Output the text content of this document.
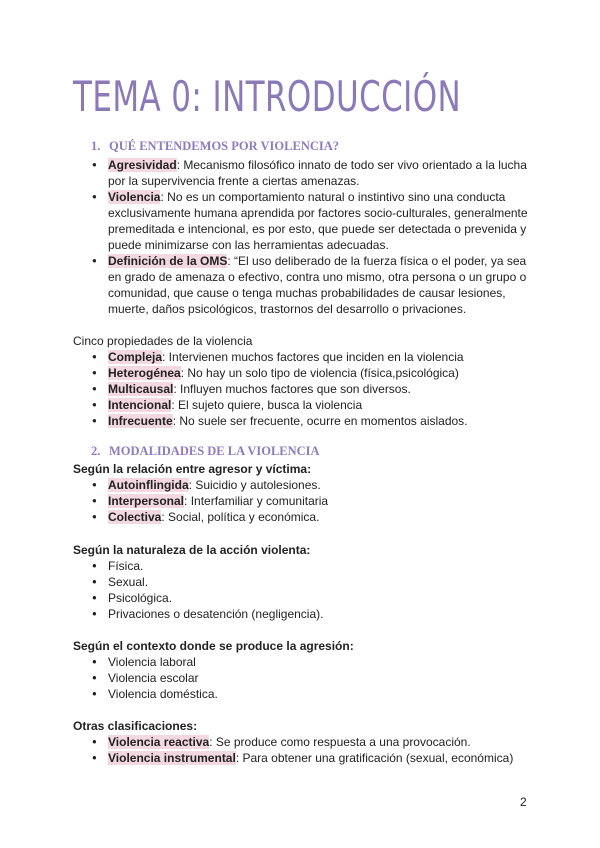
TEMA 0: INTRODUCCIÓN
1. QUÉ ENTENDEMOS POR VIOLENCIA?
● Agresividad: Mecanismo filosófico innato de todo ser vivo orientado a la lucha por la supervivencia frente a ciertas amenazas.
● Violencia: No es un comportamiento natural o instintivo sino una conducta exclusivamente humana aprendida por factores socio-culturales, generalmente premeditada e intencional, es por esto, que puede ser detectada o prevenida y puede minimizarse con las herramientas adecuadas.
● Definición de la OMS: “El uso deliberado de la fuerza física o el poder, ya sea en grado de amenaza o efectivo, contra uno mismo, otra persona o un grupo o comunidad, que cause o tenga muchas probabilidades de causar lesiones, muerte, daños psicológicos, trastornos del desarrollo o privaciones.

Cinco propiedades de la violencia

● Compleja: Intervienen muchos factores que inciden en la violencia
● Heterogénea: No hay un solo tipo de violencia (física,psicológica)
● Multicausal: Influyen muchos factores que son diversos.
● Intencional: El sujeto quiere, busca la violencia
● Infrecuente: No suele ser frecuente, ocurre en momentos aislados.
2. MODALIDADES DE LA VIOLENCIA

Según la relación entre agresor y víctima:

● Autoinflingida: Suicidio y autolesiones.
● Interpersonal: Interfamiliar y comunitaria
● Colectiva: Social, política y económica.

Según la naturaleza de la acción violenta:

● Física.
● Sexual.
● Psicológica.
● Privaciones o desatención (negligencia).

Según el contexto donde se produce la agresión:

● Violencia laboral
● Violencia escolar
● Violencia doméstica.

Otras clasificaciones:

● Violencia reactiva: Se produce como respuesta a una provocación.
● Violencia instrumental: Para obtener una gratificación (sexual, económica)
2
